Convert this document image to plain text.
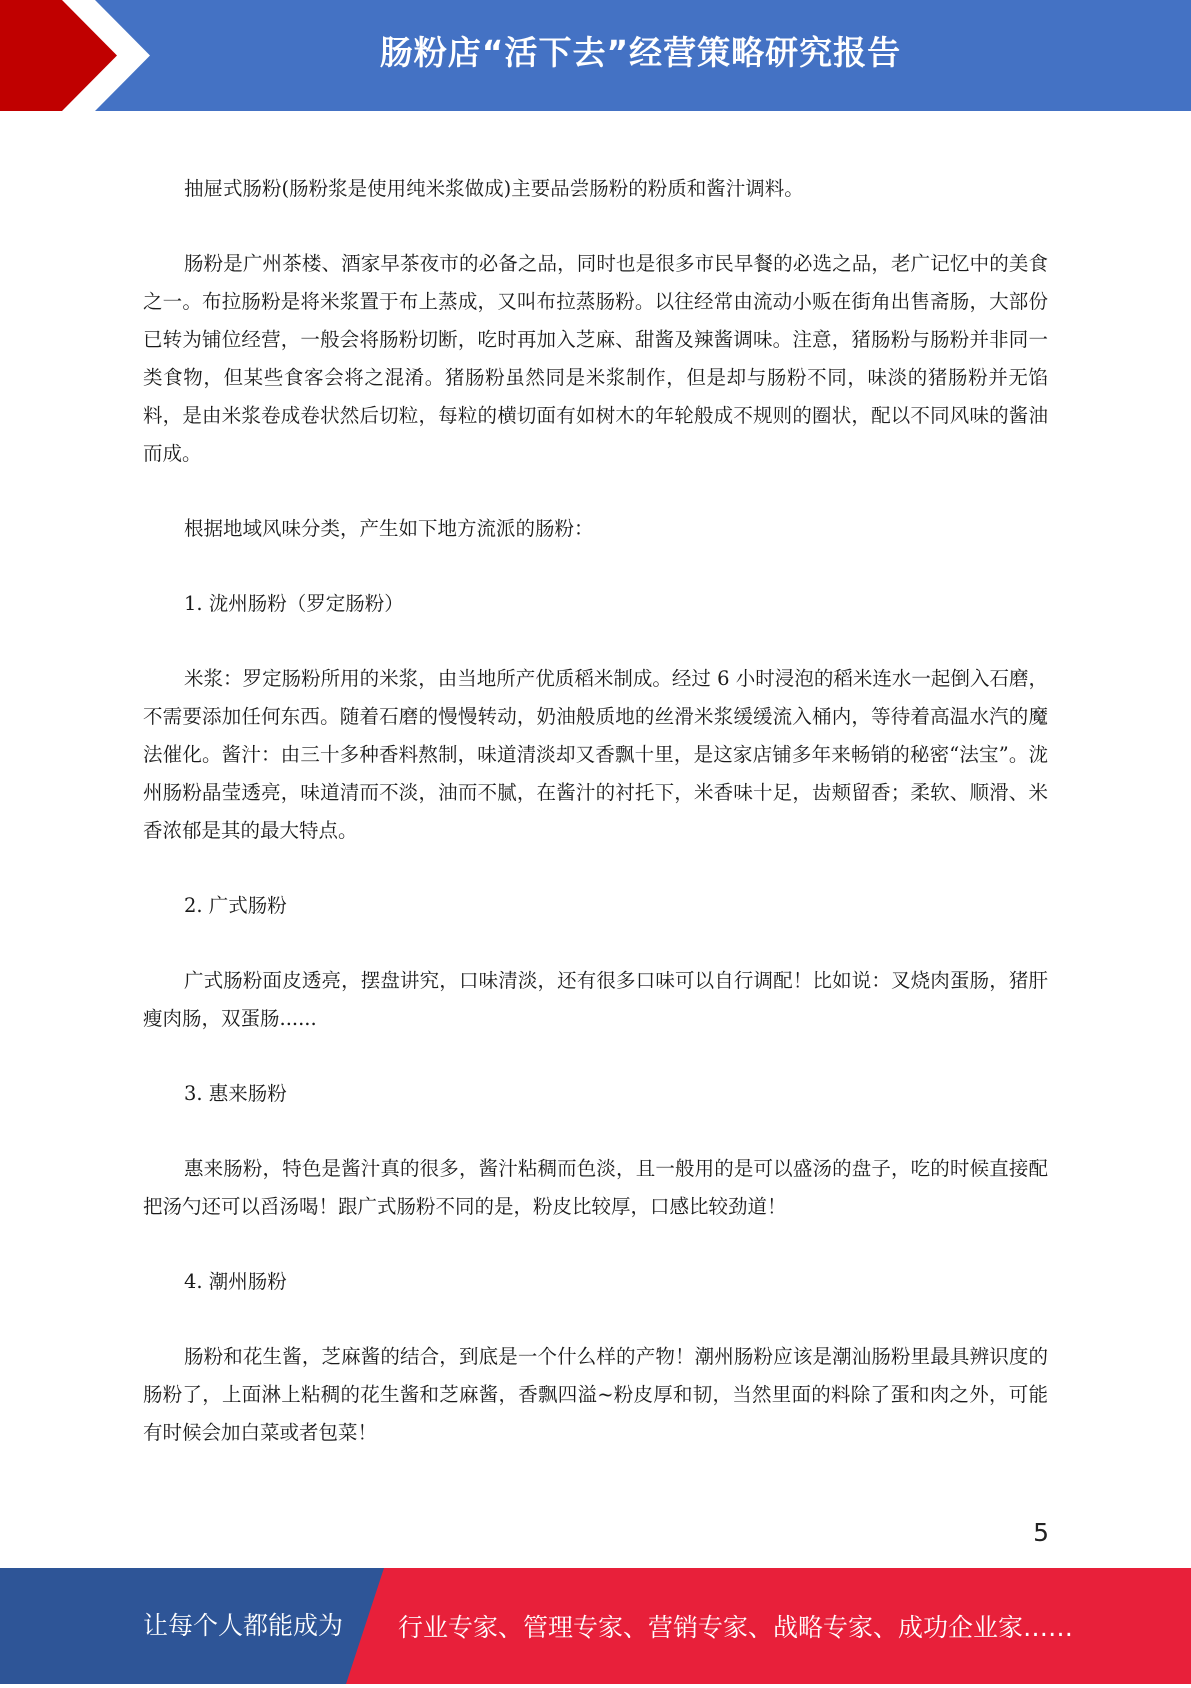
肠粉店“活下去”经营策略研究报告

抽屉式肠粉(肠粉浆是使用纯米浆做成)主要品尝肠粉的粉质和酱汁调料。

肠粉是广州茶楼、酒家早茶夜市的必备之品，同时也是很多市民早餐的必选之品，老广记忆中的美食之一。布拉肠粉是将米浆置于布上蒸成，又叫布拉蒸肠粉。以往经常由流动小贩在街角出售斋肠，大部份已转为铺位经营，一般会将肠粉切断，吃时再加入芝麻、甜酱及辣酱调味。注意，猪肠粉与肠粉并非同一类食物，但某些食客会将之混淆。猪肠粉虽然同是米浆制作，但是却与肠粉不同，味淡的猪肠粉并无馅料，是由米浆卷成卷状然后切粒，每粒的横切面有如树木的年轮般成不规则的圈状，配以不同风味的酱油而成。

根据地域风味分类，产生如下地方流派的肠粉：

1. 泷州肠粉（罗定肠粉）

米浆：罗定肠粉所用的米浆，由当地所产优质稻米制成。经过 6 小时浸泡的稻米连水一起倒入石磨，不需要添加任何东西。随着石磨的慢慢转动，奶油般质地的丝滑米浆缓缓流入桶内，等待着高温水汽的魔法催化。酱汁：由三十多种香料熬制，味道清淡却又香飘十里，是这家店铺多年来畅销的秘密“法宝”。泷州肠粉晶莹透亮，味道清而不淡，油而不腻，在酱汁的衬托下，米香味十足，齿颊留香；柔软、顺滑、米香浓郁是其的最大特点。

2. 广式肠粉

广式肠粉面皮透亮，摆盘讲究，口味清淡，还有很多口味可以自行调配！比如说：叉烧肉蛋肠，猪肝瘦肉肠，双蛋肠......

3. 惠来肠粉

惠来肠粉，特色是酱汁真的很多，酱汁粘稠而色淡，且一般用的是可以盛汤的盘子，吃的时候直接配把汤勺还可以舀汤喝！跟广式肠粉不同的是，粉皮比较厚，口感比较劲道！

4. 潮州肠粉

肠粉和花生酱，芝麻酱的结合，到底是一个什么样的产物！潮州肠粉应该是潮汕肠粉里最具辨识度的肠粉了，上面淋上粘稠的花生酱和芝麻酱，香飘四溢~粉皮厚和韧，当然里面的料除了蛋和肉之外，可能有时候会加白菜或者包菜！

5
让每个人都能成为 行业专家、管理专家、营销专家、战略专家、成功企业家……
